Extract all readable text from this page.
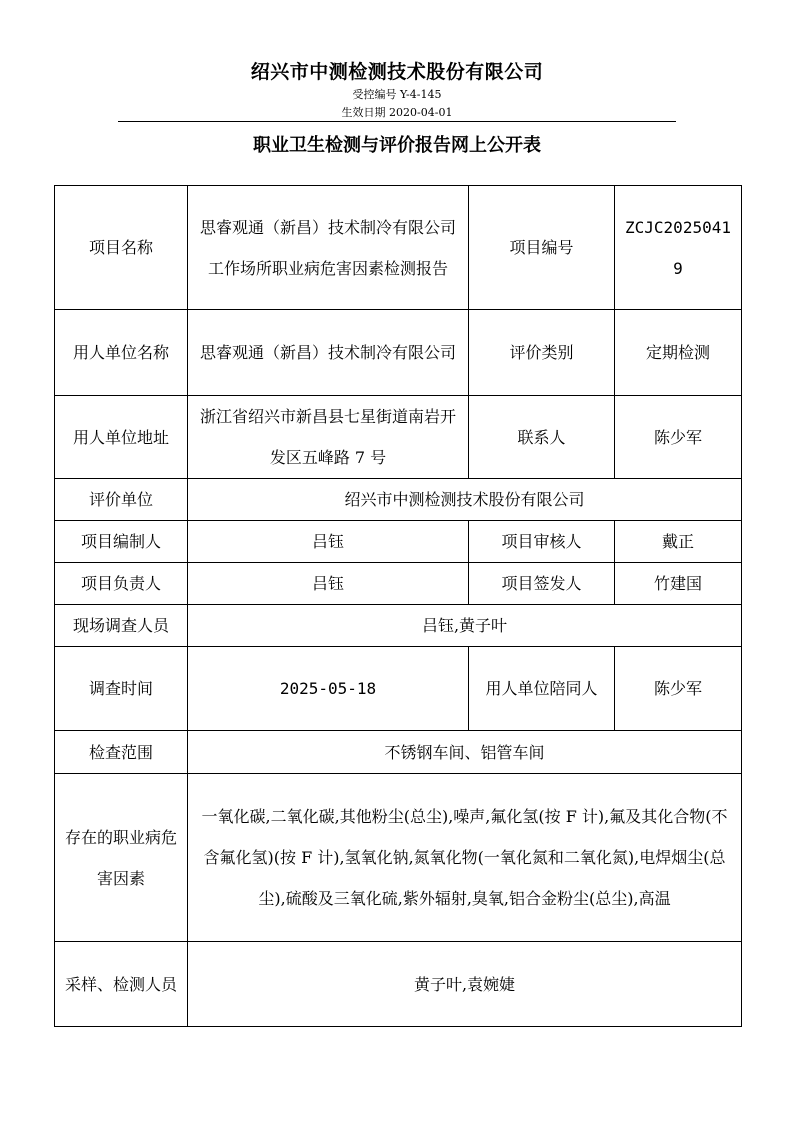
绍兴市中测检测技术股份有限公司
受控编号 Y-4-145
生效日期 2020-04-01
职业卫生检测与评价报告网上公开表
项目名称	思睿观通（新昌）技术制冷有限公司工作场所职业病危害因素检测报告	项目编号	ZCJC20250419
用人单位名称	思睿观通（新昌）技术制冷有限公司	评价类别	定期检测
用人单位地址	浙江省绍兴市新昌县七星街道南岩开发区五峰路 7 号	联系人	陈少军
评价单位	绍兴市中测检测技术股份有限公司		
项目编制人	吕钰	项目审核人	戴正
项目负责人	吕钰	项目签发人	竹建国
现场调查人员	吕钰,黄子叶		
调查时间	2025-05-18	用人单位陪同人	陈少军
检查范围	不锈钢车间、铝管车间		
存在的职业病危害因素	一氧化碳,二氧化碳,其他粉尘(总尘),噪声,氟化氢(按 F 计),氟及其化合物(不含氟化氢)(按 F 计),氢氧化钠,氮氧化物(一氧化氮和二氧化氮),电焊烟尘(总尘),硫酸及三氧化硫,紫外辐射,臭氧,铝合金粉尘(总尘),高温		
采样、检测人员	黄子叶,袁婉婕		
